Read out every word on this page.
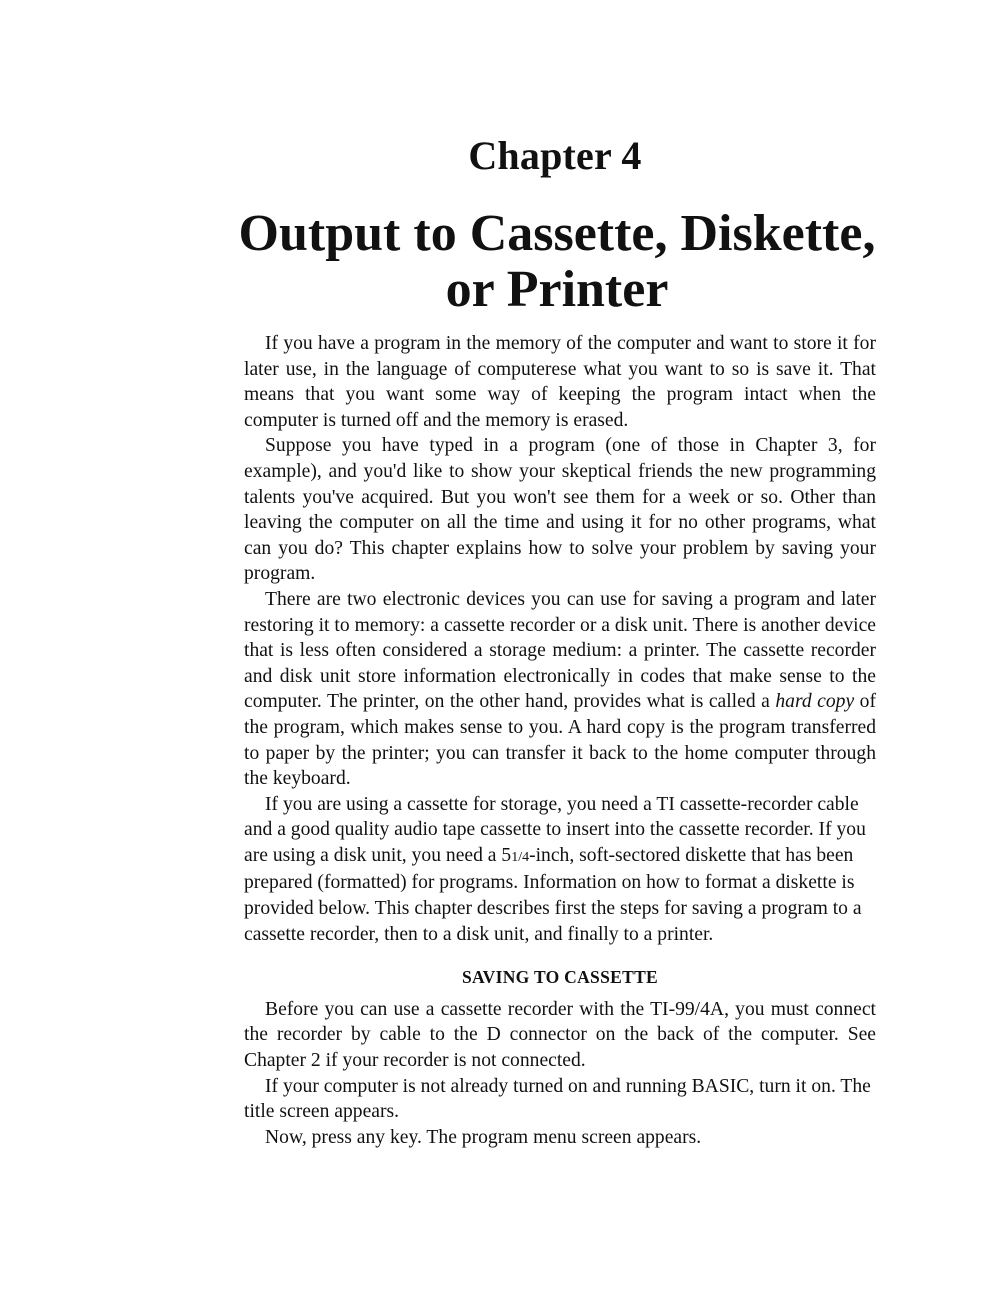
Chapter 4
Output to Cassette, Diskette,
or Printer

If you have a program in the memory of the computer and want to store it for later use, in the language of computerese what you want to so is save it. That means that you want some way of keeping the program intact when the computer is turned off and the memory is erased.

Suppose you have typed in a program (one of those in Chapter 3, for example), and you'd like to show your skeptical friends the new programming talents you've acquired. But you won't see them for a week or so. Other than leaving the computer on all the time and using it for no other programs, what can you do? This chapter explains how to solve your problem by saving your program.

There are two electronic devices you can use for saving a program and later restoring it to memory: a cassette recorder or a disk unit. There is another device that is less often considered a storage medium: a printer. The cassette recorder and disk unit store information electronically in codes that make sense to the computer. The printer, on the other hand, provides what is called a hard copy of the program, which makes sense to you. A hard copy is the program transferred to paper by the printer; you can transfer it back to the home computer through the keyboard.

If you are using a cassette for storage, you need a TI cassette-recorder cable and a good quality audio tape cassette to insert into the cassette recorder. If you are using a disk unit, you need a 51/4-inch, soft-sectored diskette that has been prepared (formatted) for programs. Information on how to format a diskette is provided below. This chapter describes first the steps for saving a program to a cassette recorder, then to a disk unit, and finally to a printer.

SAVING TO CASSETTE

Before you can use a cassette recorder with the TI-99/4A, you must connect the recorder by cable to the D connector on the back of the computer. See Chapter 2 if your recorder is not connected.

If your computer is not already turned on and running BASIC, turn it on. The title screen appears.

Now, press any key. The program menu screen appears.
